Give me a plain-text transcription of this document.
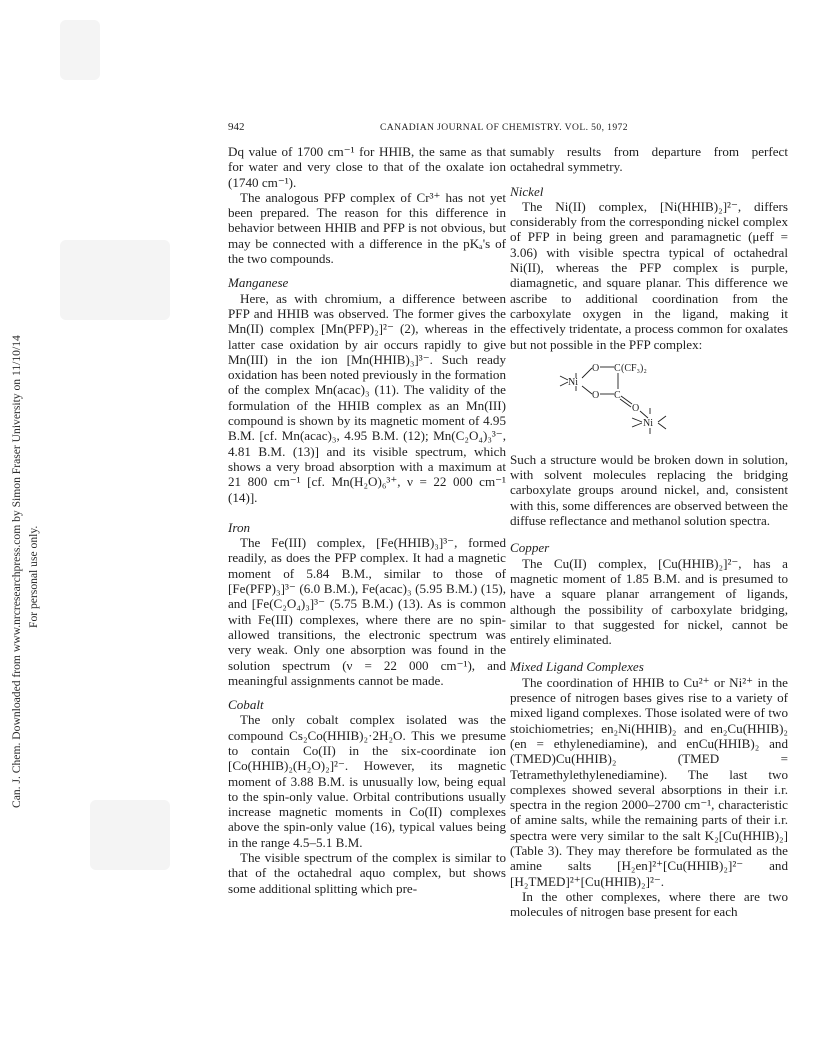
Can. J. Chem. Downloaded from www.nrcresearchpress.com by Simon Fraser University on 11/10/14 For personal use only.
942	CANADIAN JOURNAL OF CHEMISTRY. VOL. 50, 1972

Dq value of 1700 cm⁻¹ for HHIB, the same as that for water and very close to that of the oxalate ion (1740 cm⁻¹).

The analogous PFP complex of Cr³⁺ has not yet been prepared. The reason for this difference in behavior between HHIB and PFP is not obvious, but may be connected with a difference in the pKₐ's of the two compounds.

Manganese

Here, as with chromium, a difference between PFP and HHIB was observed. The former gives the Mn(II) complex [Mn(PFP)₂]²⁻ (2), whereas in the latter case oxidation by air occurs rapidly to give Mn(III) in the ion [Mn(HHIB)₃]³⁻. Such ready oxidation has been noted previously in the formation of the complex Mn(acac)₃ (11). The validity of the formulation of the HHIB complex as an Mn(III) compound is shown by its magnetic moment of 4.95 B.M. [cf. Mn(acac)₃, 4.95 B.M. (12); Mn(C₂O₄)₃³⁻, 4.81 B.M. (13)] and its visible spectrum, which shows a very broad absorption with a maximum at 21 800 cm⁻¹ [cf. Mn(H₂O)₆³⁺, ν = 22 000 cm⁻¹ (14)].

Iron

The Fe(III) complex, [Fe(HHIB)₃]³⁻, formed readily, as does the PFP complex. It had a magnetic moment of 5.84 B.M., similar to those of [Fe(PFP)₃]³⁻ (6.0 B.M.), Fe(acac)₃ (5.95 B.M.) (15), and [Fe(C₂O₄)₃]³⁻ (5.75 B.M.) (13). As is common with Fe(III) complexes, where there are no spin-allowed transitions, the electronic spectrum was very weak. Only one absorption was found in the solution spectrum (ν = 22 000 cm⁻¹), and meaningful assignments cannot be made.

Cobalt

The only cobalt complex isolated was the compound Cs₂Co(HHIB)₂·2H₂O. This we presume to contain Co(II) in the six-coordinate ion [Co(HHIB)₂(H₂O)₂]²⁻. However, its magnetic moment of 3.88 B.M. is unusually low, being equal to the spin-only value. Orbital contributions usually increase magnetic moments in Co(II) complexes above the spin-only value (16), typical values being in the range 4.5–5.1 B.M.

The visible spectrum of the complex is similar to that of the octahedral aquo complex, but shows some additional splitting which pre-

sumably results from departure from perfect octahedral symmetry.

Nickel

The Ni(II) complex, [Ni(HHIB)₂]²⁻, differs considerably from the corresponding nickel complex of PFP in being green and paramagnetic (μeff = 3.06) with visible spectra typical of octahedral Ni(II), whereas the PFP complex is purple, diamagnetic, and square planar. This difference we ascribe to additional coordination from the carboxylate oxygen in the ligand, making it effectively tridentate, a process common for oxalates but not possible in the PFP complex:

Ni
O
O
C (CF₃)₂
C
O
Ni

Such a structure would be broken down in solution, with solvent molecules replacing the bridging carboxylate groups around nickel, and, consistent with this, some differences are observed between the diffuse reflectance and methanol solution spectra.

Copper

The Cu(II) complex, [Cu(HHIB)₂]²⁻, has a magnetic moment of 1.85 B.M. and is presumed to have a square planar arrangement of ligands, although the possibility of carboxylate bridging, similar to that suggested for nickel, cannot be entirely eliminated.

Mixed Ligand Complexes

The coordination of HHIB to Cu²⁺ or Ni²⁺ in the presence of nitrogen bases gives rise to a variety of mixed ligand complexes. Those isolated were of two stoichiometries; en₂Ni(HHIB)₂ and en₂Cu(HHIB)₂ (en = ethylenediamine), and enCu(HHIB)₂ and (TMED)Cu(HHIB)₂ (TMED = Tetramethylethylenediamine). The last two complexes showed several absorptions in their i.r. spectra in the region 2000–2700 cm⁻¹, characteristic of amine salts, while the remaining parts of their i.r. spectra were very similar to the salt K₂[Cu(HHIB)₂] (Table 3). They may therefore be formulated as the amine salts [H₂en]²⁺[Cu(HHIB)₂]²⁻ and [H₂TMED]²⁺[Cu(HHIB)₂]²⁻.

In the other complexes, where there are two molecules of nitrogen base present for each
